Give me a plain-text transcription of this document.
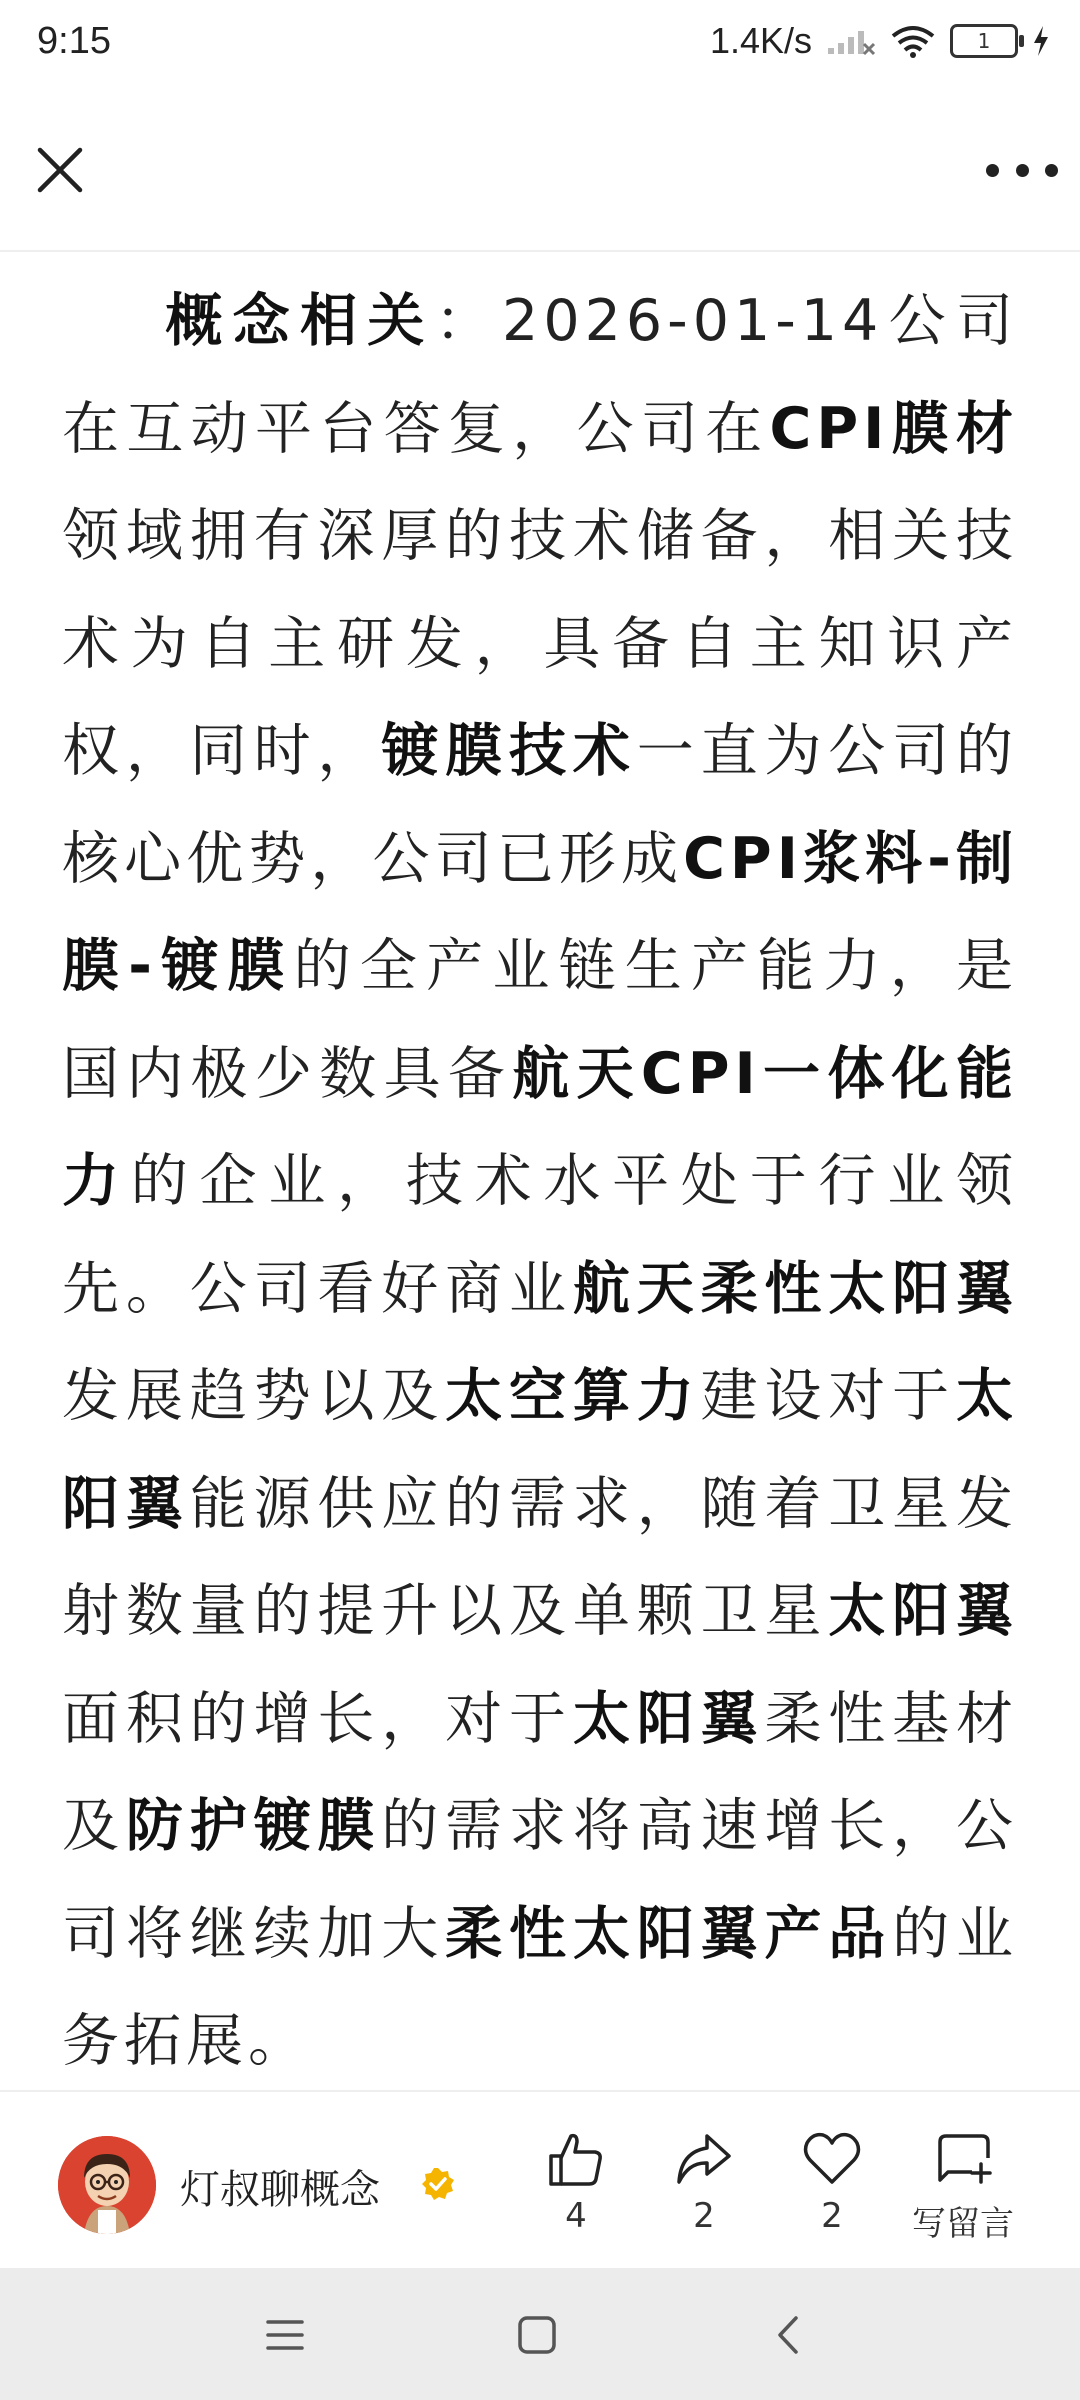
9:15	1.4K/s	1
概念相关：2026-01-14公司在互动平台答复，公司在CPI膜材领域拥有深厚的技术储备，相关技术为自主研发，具备自主知识产权，同时，镀膜技术一直为公司的核心优势，公司已形成CPI浆料-制膜-镀膜的全产业链生产能力，是国内极少数具备航天CPI一体化能力的企业，技术水平处于行业领先。公司看好商业航天柔性太阳翼发展趋势以及太空算力建设对于太阳翼能源供应的需求，随着卫星发射数量的提升以及单颗卫星太阳翼面积的增长，对于太阳翼柔性基材及防护镀膜的需求将高速增长，公司将继续加大柔性太阳翼产品的业务拓展。
灯叔聊概念
4	2	2	写留言
